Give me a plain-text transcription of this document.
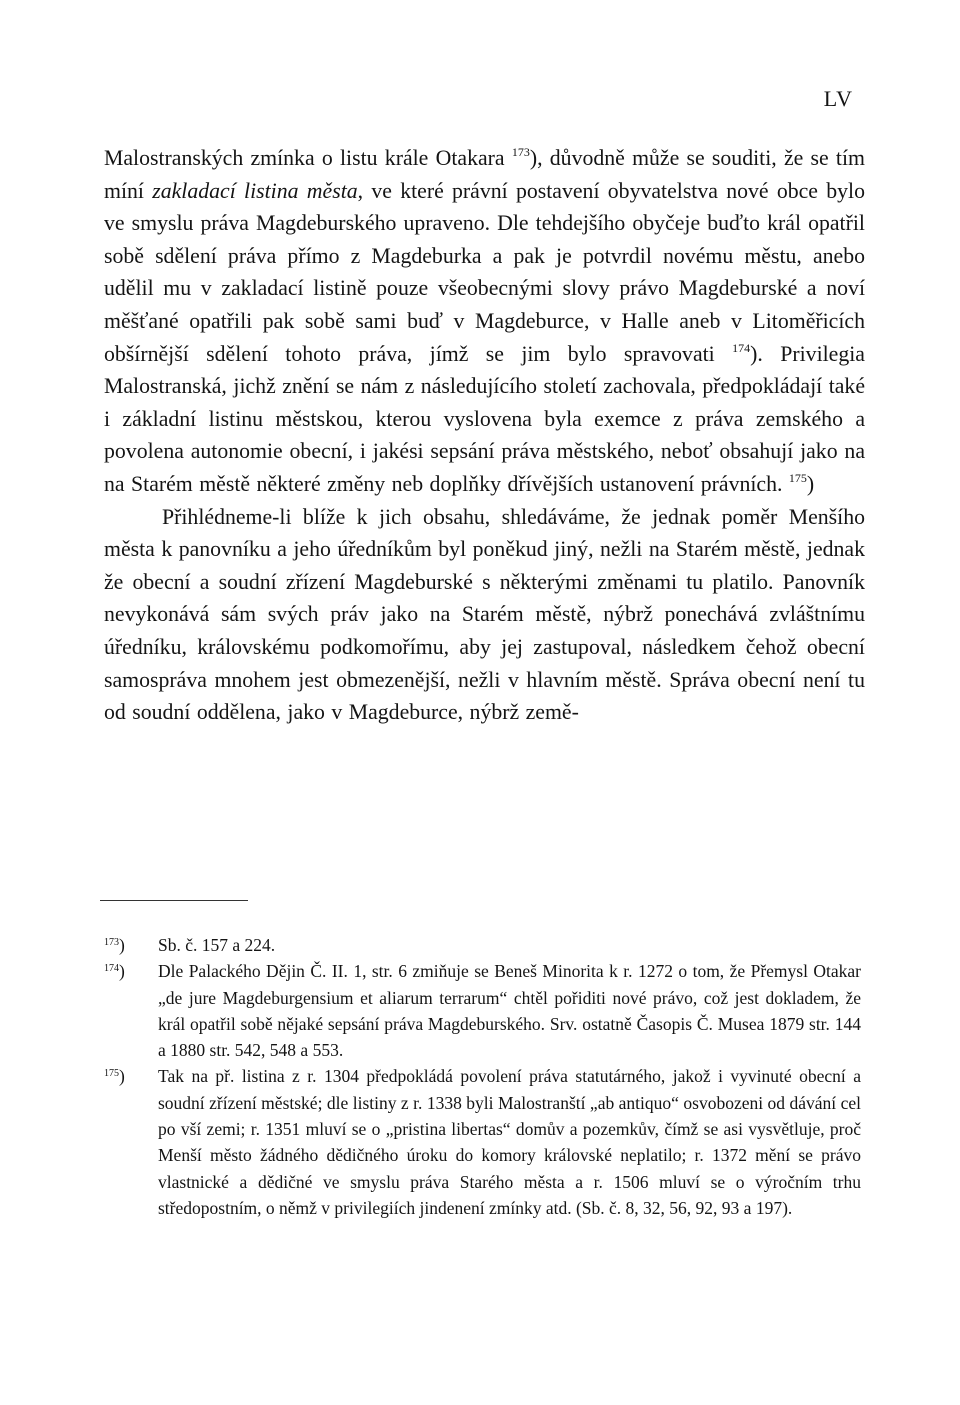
LV

Malostranských zmínka o listu krále Otakara $^{173}$), důvodně může se souditi, že se tím míní zakladací listina města, ve které právní postavení obyvatelstva nové obce bylo ve smyslu práva Magdeburského upraveno. Dle tehdejšího obyčeje buďto král opatřil sobě sdělení práva přímo z Magdeburka a pak je potvrdil novému městu, anebo udělil mu v zakladací listině pouze všeobecnými slovy právo Magdeburské a noví měšťané opatřili pak sobě sami buď v Magdeburce, v Halle aneb v Litoměřicích obšírnější sdělení tohoto práva, jímž se jim bylo spravovati $^{174}$). Privilegia Malostranská, jichž znění se nám z následujícího století zachovala, předpokládají také i základní listinu městskou, kterou vyslovena byla exemce z práva zemského a povolena autonomie obecní, i jakési sepsání práva městského, neboť obsahují jako na na Starém městě některé změny neb doplňky dřívějších ustanovení právních. $^{175}$)

Přihlédneme-li blíže k jich obsahu, shledáváme, že jednak poměr Menšího města k panovníku a jeho úředníkům byl poněkud jiný, nežli na Starém městě, jednak že obecní a soudní zřízení Magdeburské s některými změnami tu platilo. Panovník nevykonává sám svých práv jako na Starém městě, nýbrž ponechává zvláštnímu úředníku, královskému podkomořímu, aby jej zastupoval, následkem čehož obecní samospráva mnohem jest obmezenější, nežli v hlavním městě. Správa obecní není tu od soudní oddělena, jako v Magdeburce, nýbrž země-

$^{173}$)	Sb. č. 157 a 224.
$^{174}$)	Dle Palackého Dějin Č. II. 1, str. 6 zmiňuje se Beneš Minorita k r. 1272 o tom, že Přemysl Otakar „de jure Magdeburgensium et aliarum terrarum“ chtěl pořiditi nové právo, což jest dokladem, že král opatřil sobě nějaké sepsání práva Magdeburského. Srv. ostatně Časopis Č. Musea 1879 str. 144 a 1880 str. 542, 548 a 553.
$^{175}$)	Tak na př. listina z r. 1304 předpokládá povolení práva statutárného, jakož i vyvinuté obecní a soudní zřízení městské; dle listiny z r. 1338 byli Malostranští „ab antiquo“ osvobozeni od dávání cel po vší zemi; r. 1351 mluví se o „pristina libertas“ domův a pozemkův, čímž se asi vysvětluje, proč Menší město žádného dědičného úroku do komory královské neplatilo; r. 1372 mění se právo vlastnické a dědičné ve smyslu práva Starého města a r. 1506 mluví se o výročním trhu středopostním, o němž v privilegiích jindenení zmínky atd. (Sb. č. 8, 32, 56, 92, 93 a 197).
